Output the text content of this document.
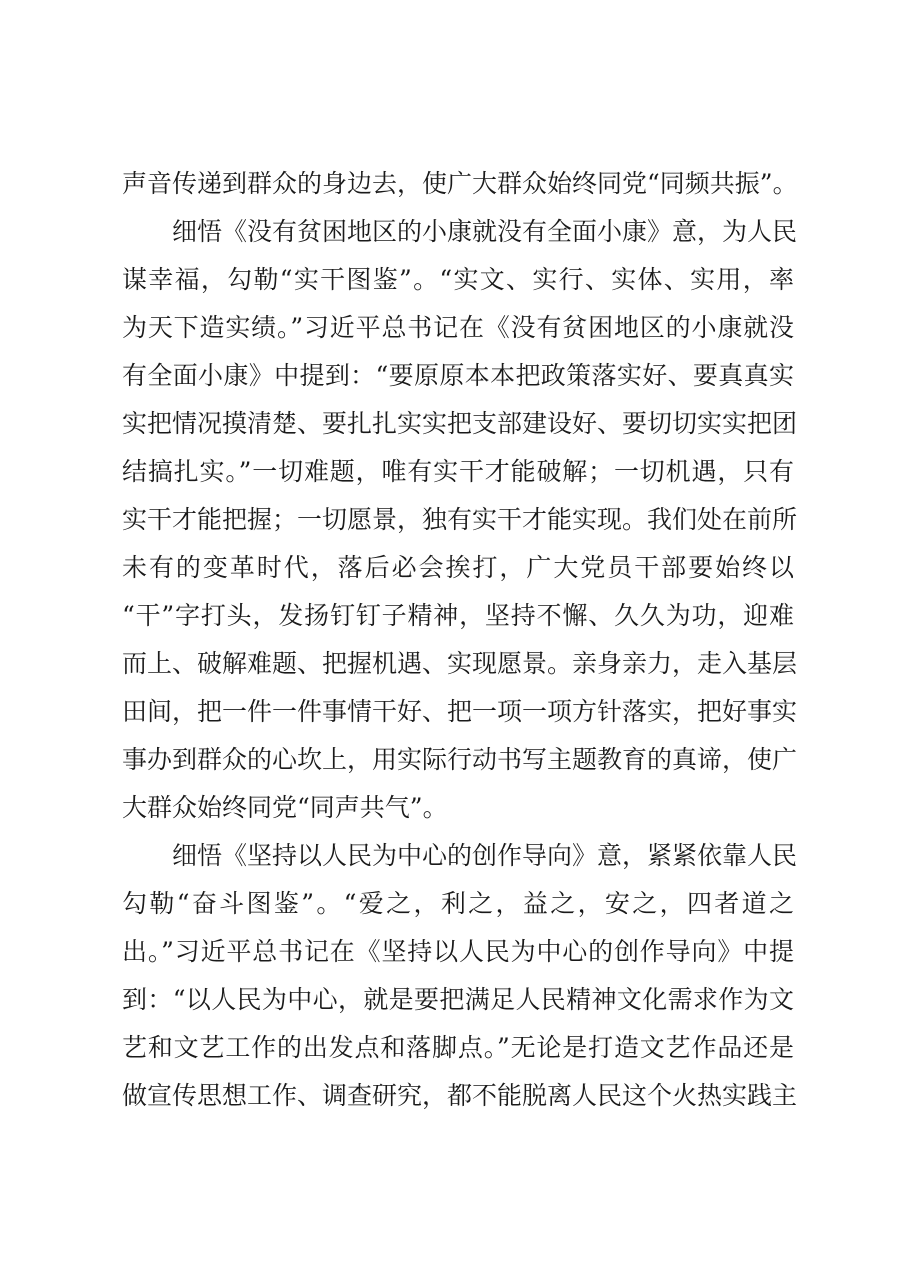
声音传递到群众的身边去，使广大群众始终同党“同频共振”。
细悟《没有贫困地区的小康就没有全面小康》意，为人民
谋幸福，勾勒“实干图鉴”。“实文、实行、实体、实用，率
为天下造实绩。”习近平总书记在《没有贫困地区的小康就没
有全面小康》中提到：“要原原本本把政策落实好、要真真实
实把情况摸清楚、要扎扎实实把支部建设好、要切切实实把团
结搞扎实。”一切难题，唯有实干才能破解；一切机遇，只有
实干才能把握；一切愿景，独有实干才能实现。我们处在前所
未有的变革时代，落后必会挨打，广大党员干部要始终以
“干”字打头，发扬钉钉子精神，坚持不懈、久久为功，迎难
而上、破解难题、把握机遇、实现愿景。亲身亲力，走入基层
田间，把一件一件事情干好、把一项一项方针落实，把好事实
事办到群众的心坎上，用实际行动书写主题教育的真谛，使广
大群众始终同党“同声共气”。
细悟《坚持以人民为中心的创作导向》意，紧紧依靠人民
勾勒“奋斗图鉴”。“爱之，利之，益之，安之，四者道之
出。”习近平总书记在《坚持以人民为中心的创作导向》中提
到：“以人民为中心，就是要把满足人民精神文化需求作为文
艺和文艺工作的出发点和落脚点。”无论是打造文艺作品还是
做宣传思想工作、调查研究，都不能脱离人民这个火热实践主
